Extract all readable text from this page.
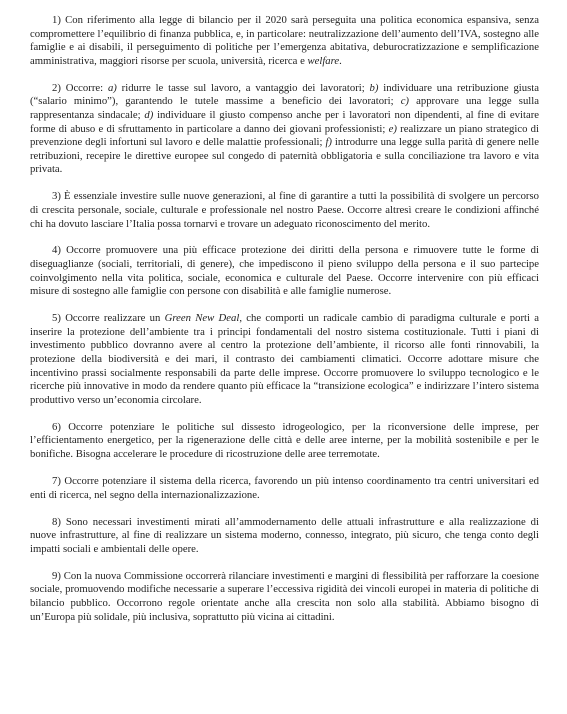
1) Con riferimento alla legge di bilancio per il 2020 sarà perseguita una politica economica espansiva, senza compromettere l’equilibrio di finanza pubblica, e, in particolare: neutralizzazione dell’aumento dell’IVA, sostegno alle famiglie e ai disabili, il perseguimento di politiche per l’emergenza abitativa, deburocratizzazione e semplificazione amministrativa, maggiori risorse per scuola, università, ricerca e welfare.

2) Occorre: a) ridurre le tasse sul lavoro, a vantaggio dei lavoratori; b) individuare una retribuzione giusta (“salario minimo”), garantendo le tutele massime a beneficio dei lavoratori; c) approvare una legge sulla rappresentanza sindacale; d) individuare il giusto compenso anche per i lavoratori non dipendenti, al fine di evitare forme di abuso e di sfruttamento in particolare a danno dei giovani professionisti; e) realizzare un piano strategico di prevenzione degli infortuni sul lavoro e delle malattie professionali; f) introdurre una legge sulla parità di genere nelle retribuzioni, recepire le direttive europee sul congedo di paternità obbligatoria e sulla conciliazione tra lavoro e vita privata.

3) È essenziale investire sulle nuove generazioni, al fine di garantire a tutti la possibilità di svolgere un percorso di crescita personale, sociale, culturale e professionale nel nostro Paese. Occorre altresì creare le condizioni affinché chi ha dovuto lasciare l’Italia possa tornarvi e trovare un adeguato riconoscimento del merito.

4) Occorre promuovere una più efficace protezione dei diritti della persona e rimuovere tutte le forme di diseguaglianze (sociali, territoriali, di genere), che impediscono il pieno sviluppo della persona e il suo partecipe coinvolgimento nella vita politica, sociale, economica e culturale del Paese. Occorre intervenire con più efficaci misure di sostegno alle famiglie con persone con disabilità e alle famiglie numerose.

5) Occorre realizzare un Green New Deal, che comporti un radicale cambio di paradigma culturale e porti a inserire la protezione dell’ambiente tra i principi fondamentali del nostro sistema costituzionale. Tutti i piani di investimento pubblico dovranno avere al centro la protezione dell’ambiente, il ricorso alle fonti rinnovabili, la protezione della biodiversità e dei mari, il contrasto dei cambiamenti climatici. Occorre adottare misure che incentivino prassi socialmente responsabili da parte delle imprese. Occorre promuovere lo sviluppo tecnologico e le ricerche più innovative in modo da rendere quanto più efficace la “transizione ecologica” e indirizzare l’intero sistema produttivo verso un’economia circolare.

6) Occorre potenziare le politiche sul dissesto idrogeologico, per la riconversione delle imprese, per l’efficientamento energetico, per la rigenerazione delle città e delle aree interne, per la mobilità sostenibile e per le bonifiche. Bisogna accelerare le procedure di ricostruzione delle aree terremotate.

7) Occorre potenziare il sistema della ricerca, favorendo un più intenso coordinamento tra centri universitari ed enti di ricerca, nel segno della internazionalizzazione.

8) Sono necessari investimenti mirati all’ammodernamento delle attuali infrastrutture e alla realizzazione di nuove infrastrutture, al fine di realizzare un sistema moderno, connesso, integrato, più sicuro, che tenga conto degli impatti sociali e ambientali delle opere.

9) Con la nuova Commissione occorrerà rilanciare investimenti e margini di flessibilità per rafforzare la coesione sociale, promuovendo modifiche necessarie a superare l’eccessiva rigidità dei vincoli europei in materia di politiche di bilancio pubblico. Occorrono regole orientate anche alla crescita non solo alla stabilità. Abbiamo bisogno di un’Europa più solidale, più inclusiva, soprattutto più vicina ai cittadini.
